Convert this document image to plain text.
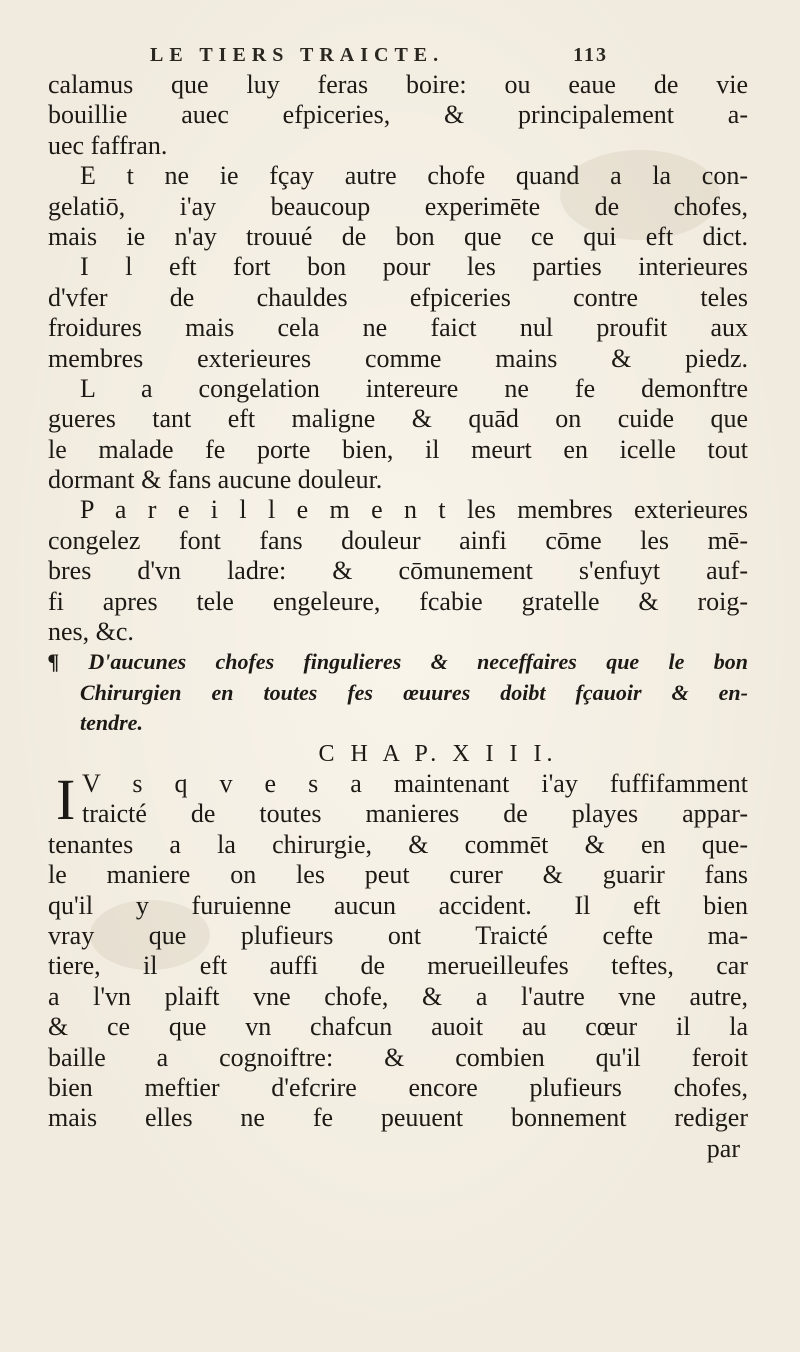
LE TIERS TRAICTE.	113
calamus que luy feras boire: ou eaue de vie
bouillie auec efpiceries, & principalement a-
uec faffran.
E t ne ie fçay autre chofe quand a la con-
gelatiō, i'ay beaucoup experimēte de chofes,
mais ie n'ay trouué de bon que ce qui eft dict.
I l eft fort bon pour les parties interieures
d'vfer de chauldes efpiceries contre teles
froidures mais cela ne faict nul proufit aux
membres exterieures comme mains & piedz.
L a congelation intereure ne fe demonftre
gueres tant eft maligne & quād on cuide que
le malade fe porte bien, il meurt en icelle tout
dormant & fans aucune douleur.
P a r e i l l e m e n t les membres exterieures
congelez font fans douleur ainfi cōme les mē-
bres d'vn ladre: & cōmunement s'enfuyt auf-
fi apres tele engeleure, fcabie gratelle & roig-
nes, &c.
¶ D'aucunes chofes fingulieres & neceffaires que le bon
Chirurgien en toutes fes œuures doibt fçauoir & en-
tendre.
C H A P. X I I I.
I V s q v e s a maintenant i'ay fuffifamment
traicté de toutes manieres de playes appar-
tenantes a la chirurgie, & commēt & en que-
le maniere on les peut curer & guarir fans
qu'il y furuienne aucun accident. Il eft bien
vray que plufieurs ont Traicté cefte ma-
tiere, il eft auffi de merueilleufes teftes, car
a l'vn plaift vne chofe, & a l'autre vne autre,
& ce que vn chafcun auoit au cœur il la
baille a cognoiftre: & combien qu'il feroit
bien meftier d'efcrire encore plufieurs chofes,
mais elles ne fe peuuent bonnement rediger
par
